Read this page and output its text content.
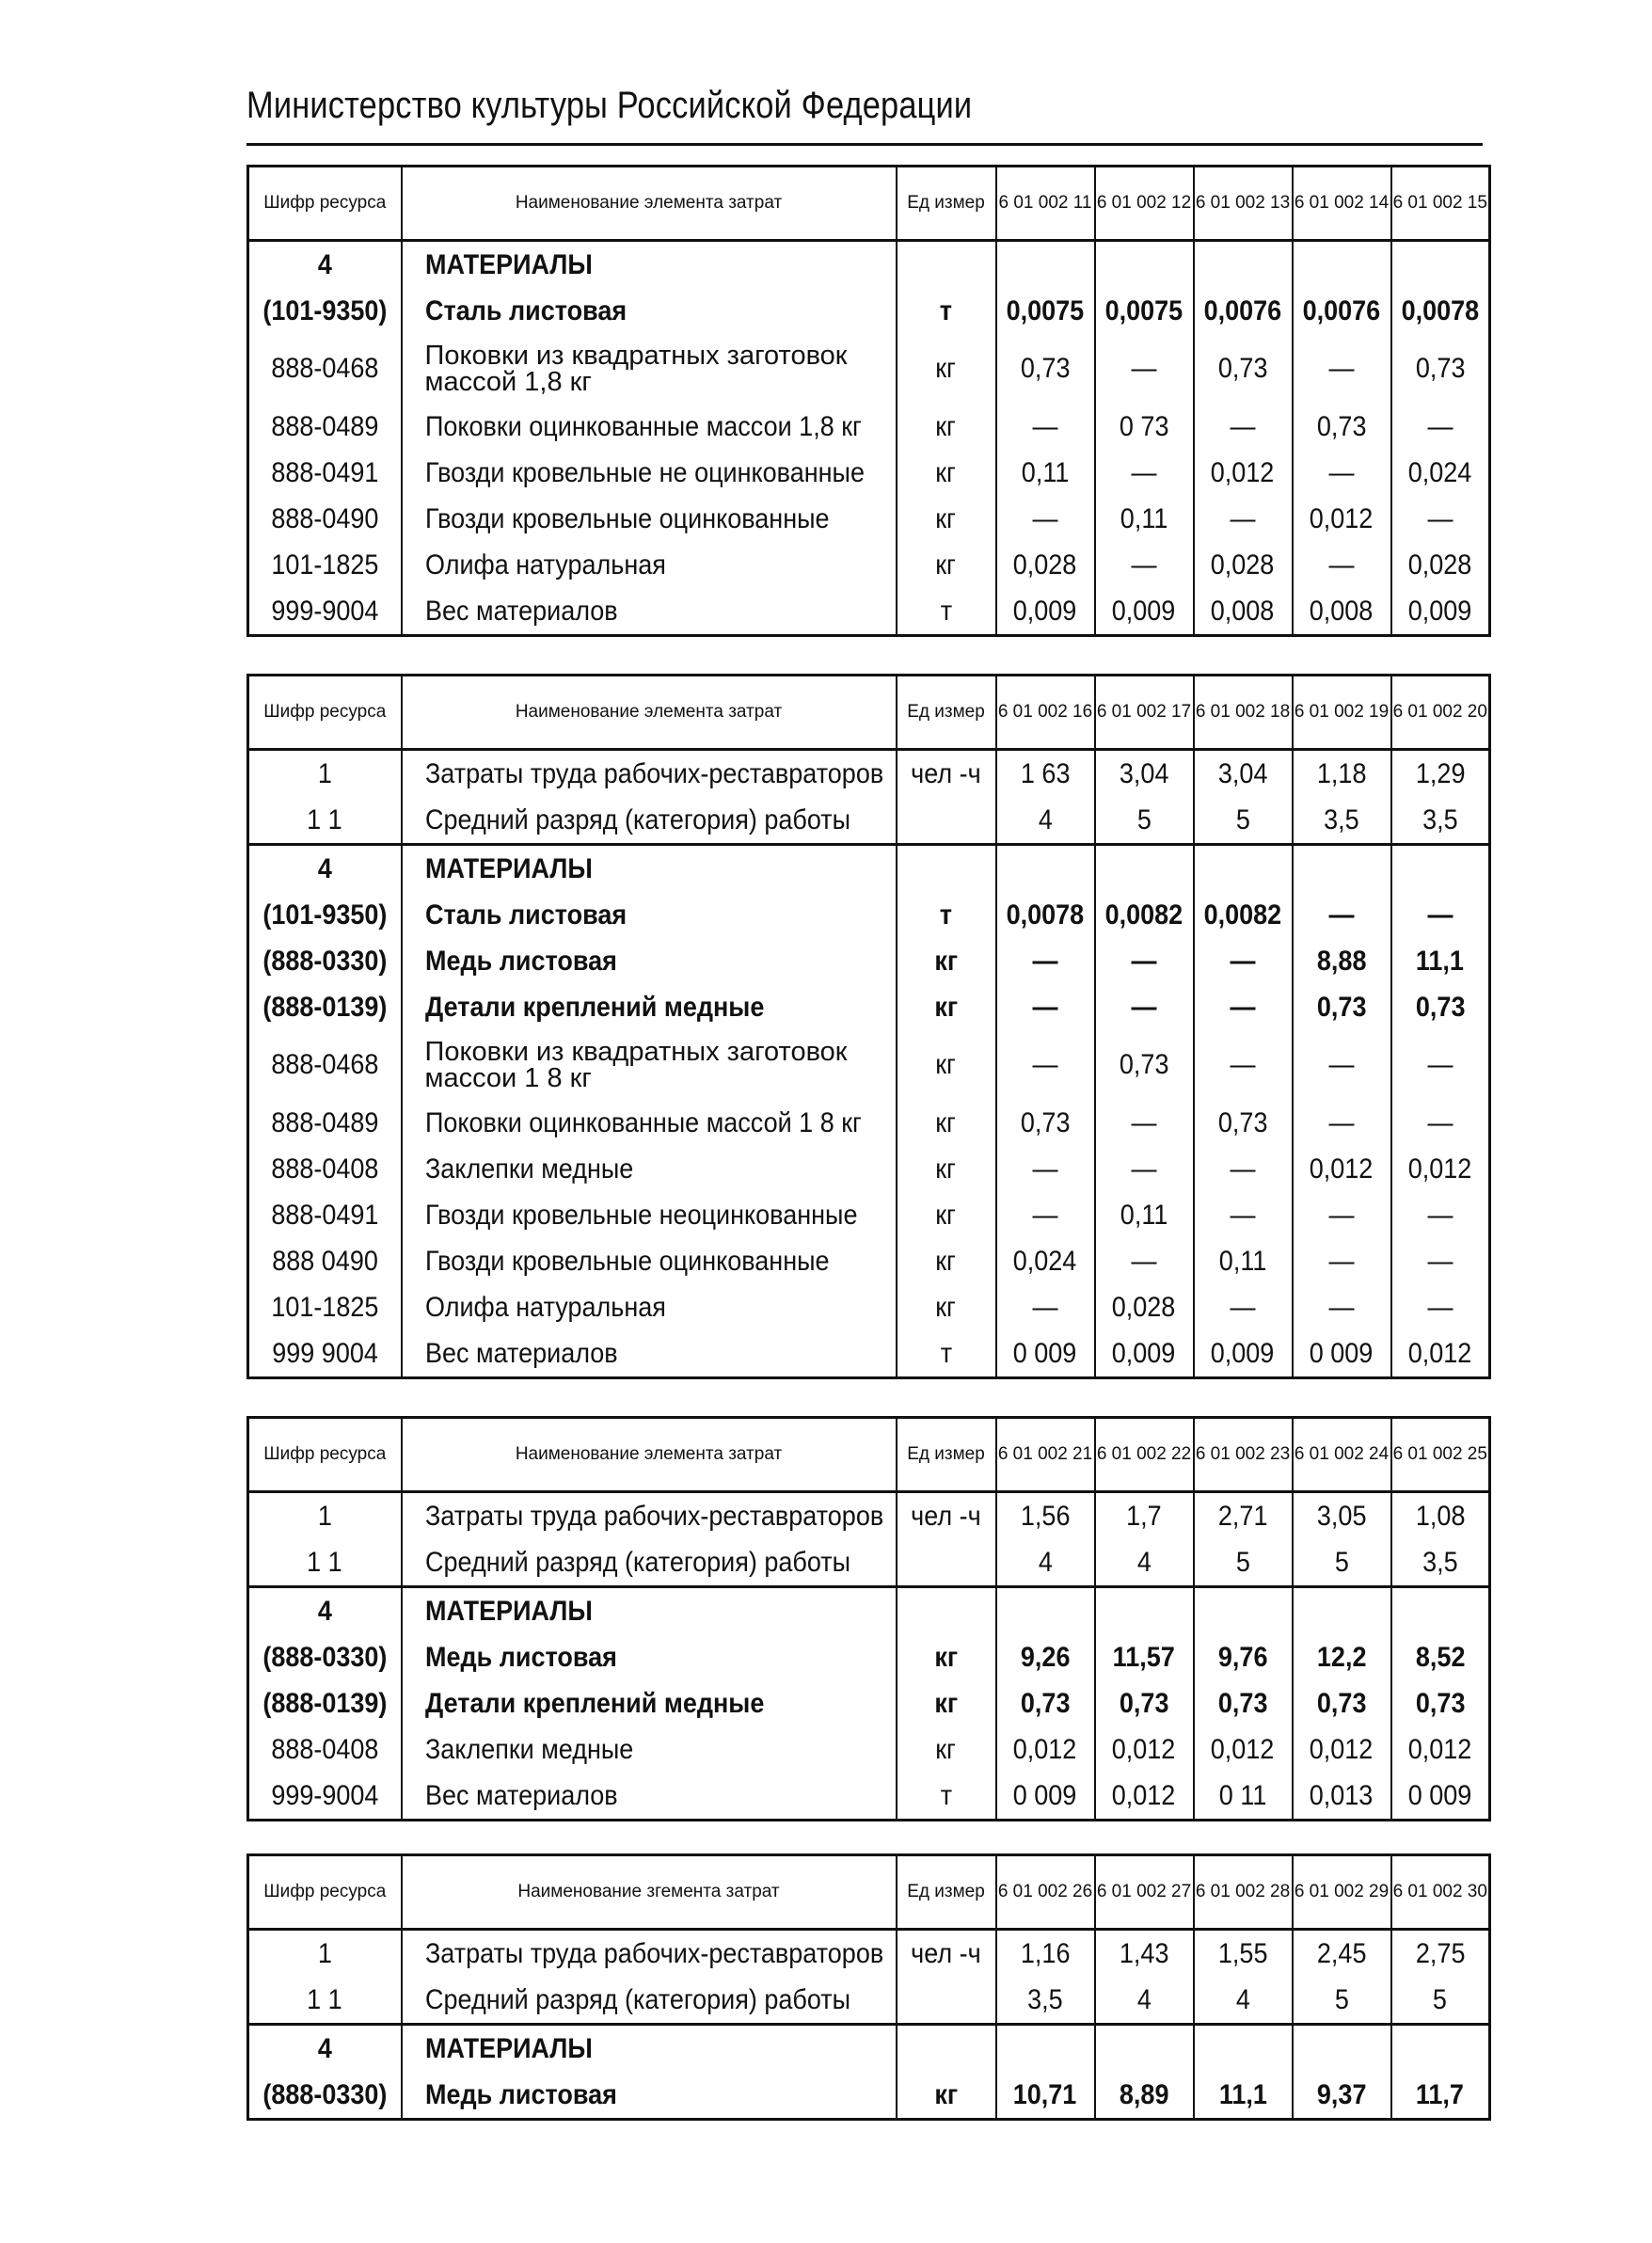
Министерство культуры Российской Федерации
Шифр ресурса	Наименование элемента затрат	Ед измер	6 01 002 11	6 01 002 12	6 01 002 13	6 01 002 14	6 01 002 15
4	МАТЕРИАЛЫ						
(101-9350)	Сталь листовая	т	0,0075	0,0075	0,0076	0,0076	0,0078
888-0468	Поковки из квадратных заготовок массой 1,8 кг	кг	0,73	—	0,73	—	0,73
888-0489	Поковки оцинкованные массои 1,8 кг	кг	—	0 73	—	0,73	—
888-0491	Гвозди кровельные не оцинкованные	кг	0,11	—	0,012	—	0,024
888-0490	Гвозди кровельные оцинкованные	кг	—	0,11	—	0,012	—
101-1825	Олифа натуральная	кг	0,028	—	0,028	—	0,028
999-9004	Вес материалов	т	0,009	0,009	0,008	0,008	0,009
Шифр ресурса	Наименование элемента затрат	Ед измер	6 01 002 16	6 01 002 17	6 01 002 18	6 01 002 19	6 01 002 20
1	Затраты труда рабочих-реставраторов	чел -ч	1 63	3,04	3,04	1,18	1,29
1 1	Средний разряд (категория) работы		4	5	5	3,5	3,5
4	МАТЕРИАЛЫ						
(101-9350)	Сталь листовая	т	0,0078	0,0082	0,0082	—	—
(888-0330)	Медь листовая	кг	—	—	—	8,88	11,1
(888-0139)	Детали креплений медные	кг	—	—	—	0,73	0,73
888-0468	Поковки из квадратных заготовок массои 1 8 кг	кг	—	0,73	—	—	—
888-0489	Поковки оцинкованные массой 1 8 кг	кг	0,73	—	0,73	—	—
888-0408	Заклепки медные	кг	—	—	—	0,012	0,012
888-0491	Гвозди кровельные неоцинкованные	кг	—	0,11	—	—	—
888 0490	Гвозди кровельные оцинкованные	кг	0,024	—	0,11	—	—
101-1825	Олифа натуральная	кг	—	0,028	—	—	—
999 9004	Вес материалов	т	0 009	0,009	0,009	0 009	0,012
Шифр ресурса	Наименование элемента затрат	Ед измер	6 01 002 21	6 01 002 22	6 01 002 23	6 01 002 24	6 01 002 25
1	Затраты труда рабочих-реставраторов	чел -ч	1,56	1,7	2,71	3,05	1,08
1 1	Средний разряд (категория) работы		4	4	5	5	3,5
4	МАТЕРИАЛЫ						
(888-0330)	Медь листовая	кг	9,26	11,57	9,76	12,2	8,52
(888-0139)	Детали креплений медные	кг	0,73	0,73	0,73	0,73	0,73
888-0408	Заклепки медные	кг	0,012	0,012	0,012	0,012	0,012
999-9004	Вес материалов	т	0 009	0,012	0 11	0,013	0 009
Шифр ресурса	Наименование згемента затрат	Ед измер	6 01 002 26	6 01 002 27	6 01 002 28	6 01 002 29	6 01 002 30
1	Затраты труда рабочих-реставраторов	чел -ч	1,16	1,43	1,55	2,45	2,75
1 1	Средний разряд (категория) работы		3,5	4	4	5	5
4	МАТЕРИАЛЫ						
(888-0330)	Медь листовая	кг	10,71	8,89	11,1	9,37	11,7
